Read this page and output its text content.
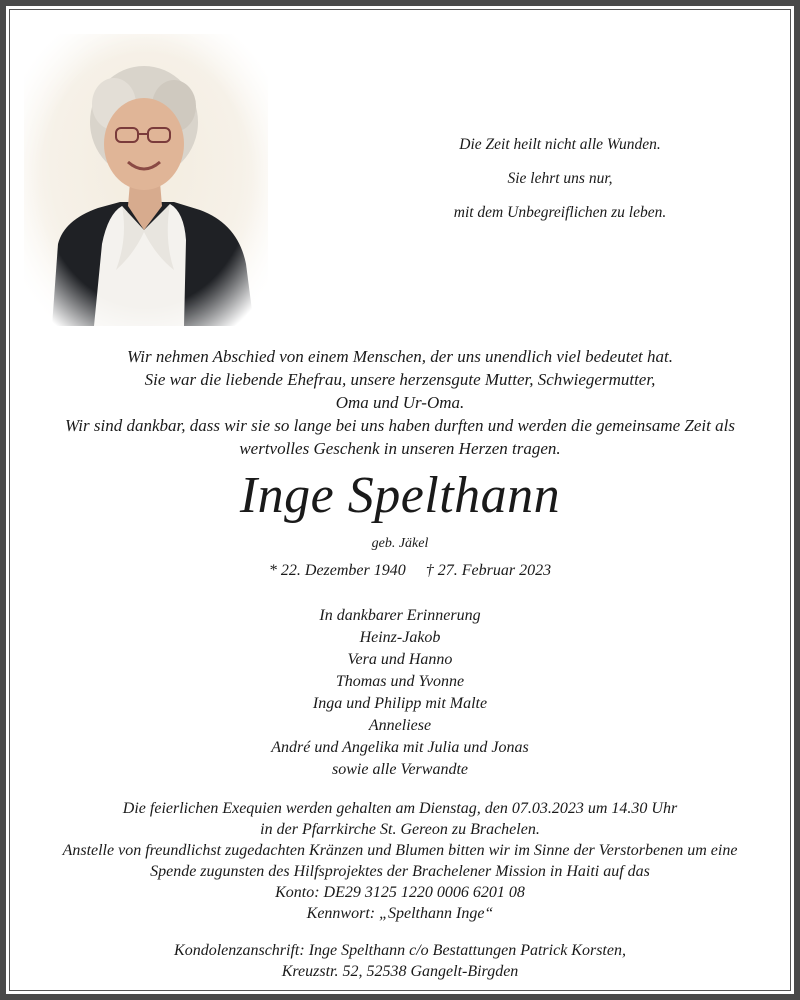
Die Zeit heilt nicht alle Wunden.
Sie lehrt uns nur,
mit dem Unbegreiflichen zu leben.
Wir nehmen Abschied von einem Menschen, der uns unendlich viel bedeutet hat.
Sie war die liebende Ehefrau, unsere herzensgute Mutter, Schwiegermutter,
Oma und Ur-Oma.
Wir sind dankbar, dass wir sie so lange bei uns haben durften und werden die gemeinsame Zeit als
wertvolles Geschenk in unseren Herzen tragen.
Inge Spelthann
geb. Jäkel
* 22. Dezember 1940 † 27. Februar 2023
In dankbarer Erinnerung
Heinz-Jakob
Vera und Hanno
Thomas und Yvonne
Inga und Philipp mit Malte
Anneliese
André und Angelika mit Julia und Jonas
sowie alle Verwandte
Die feierlichen Exequien werden gehalten am Dienstag, den 07.03.2023 um 14.30 Uhr
in der Pfarrkirche St. Gereon zu Brachelen.
Anstelle von freundlichst zugedachten Kränzen und Blumen bitten wir im Sinne der Verstorbenen um eine
Spende zugunsten des Hilfsprojektes der Brachelener Mission in Haiti auf das
Konto: DE29 3125 1220 0006 6201 08
Kennwort: „Spelthann Inge“
Kondolenzanschrift: Inge Spelthann c/o Bestattungen Patrick Korsten,
Kreuzstr. 52, 52538 Gangelt-Birgden
